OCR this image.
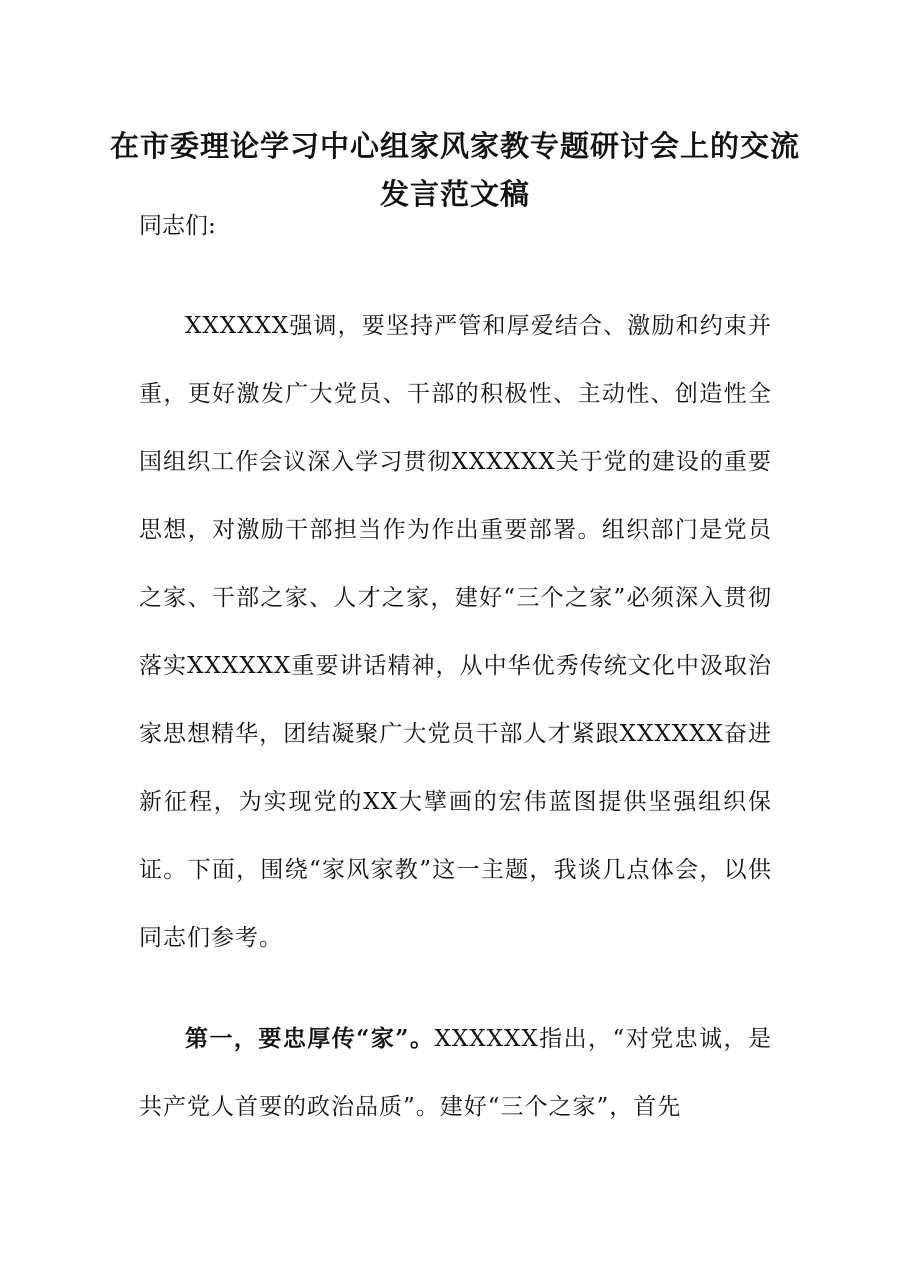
在市委理论学习中心组家风家教专题研讨会上的交流发言范文稿
同志们:
XXXXXX强调，要坚持严管和厚爱结合、激励和约束并重，更好激发广大党员、干部的积极性、主动性、创造性全国组织工作会议深入学习贯彻XXXXXX关于党的建设的重要思想，对激励干部担当作为作出重要部署。组织部门是党员之家、干部之家、人才之家，建好“三个之家”必须深入贯彻落实XXXXXX重要讲话精神，从中华优秀传统文化中汲取治家思想精华，团结凝聚广大党员干部人才紧跟XXXXXX奋进新征程，为实现党的XX大擘画的宏伟蓝图提供坚强组织保证。下面，围绕“家风家教”这一主题，我谈几点体会，以供同志们参考。
第一，要忠厚传“家”。XXXXXX指出，“对党忠诚，是共产党人首要的政治品质”。建好“三个之家”，首先
